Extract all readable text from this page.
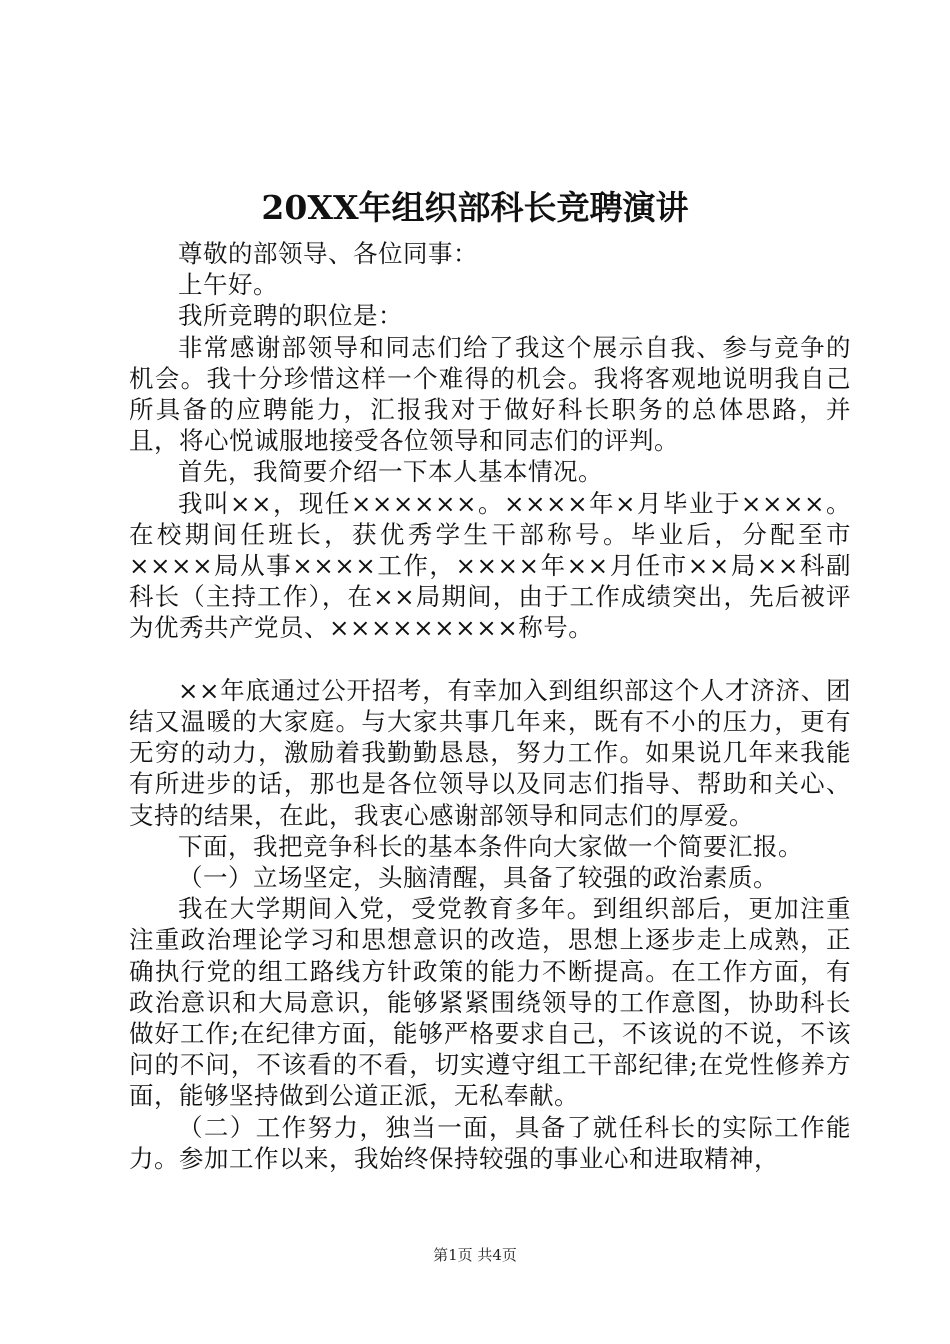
20XX年组织部科长竞聘演讲

尊敬的部领导、各位同事：

上午好。

我所竞聘的职位是：

非常感谢部领导和同志们给了我这个展示自我、参与竞争的机会。我十分珍惜这样一个难得的机会。我将客观地说明我自己所具备的应聘能力，汇报我对于做好科长职务的总体思路，并且，将心悦诚服地接受各位领导和同志们的评判。

首先，我简要介绍一下本人基本情况。

我叫××，现任××××××。××××年×月毕业于××××。在校期间任班长，获优秀学生干部称号。毕业后，分配至市××××局从事××××工作，××××年××月任市××局××科副科长（主持工作），在××局期间，由于工作成绩突出，先后被评为优秀共产党员、×××××××××称号。

××年底通过公开招考，有幸加入到组织部这个人才济济、团结又温暖的大家庭。与大家共事几年来，既有不小的压力，更有无穷的动力，激励着我勤勤恳恳，努力工作。如果说几年来我能有所进步的话，那也是各位领导以及同志们指导、帮助和关心、支持的结果，在此，我衷心感谢部领导和同志们的厚爱。

下面，我把竞争科长的基本条件向大家做一个简要汇报。

（一）立场坚定，头脑清醒，具备了较强的政治素质。

我在大学期间入党，受党教育多年。到组织部后，更加注重注重政治理论学习和思想意识的改造，思想上逐步走上成熟，正确执行党的组工路线方针政策的能力不断提高。在工作方面，有政治意识和大局意识，能够紧紧围绕领导的工作意图，协助科长做好工作;在纪律方面，能够严格要求自己，不该说的不说，不该问的不问，不该看的不看，切实遵守组工干部纪律;在党性修养方面，能够坚持做到公道正派，无私奉献。

（二）工作努力，独当一面，具备了就任科长的实际工作能力。参加工作以来，我始终保持较强的事业心和进取精神，

第1页 共4页
